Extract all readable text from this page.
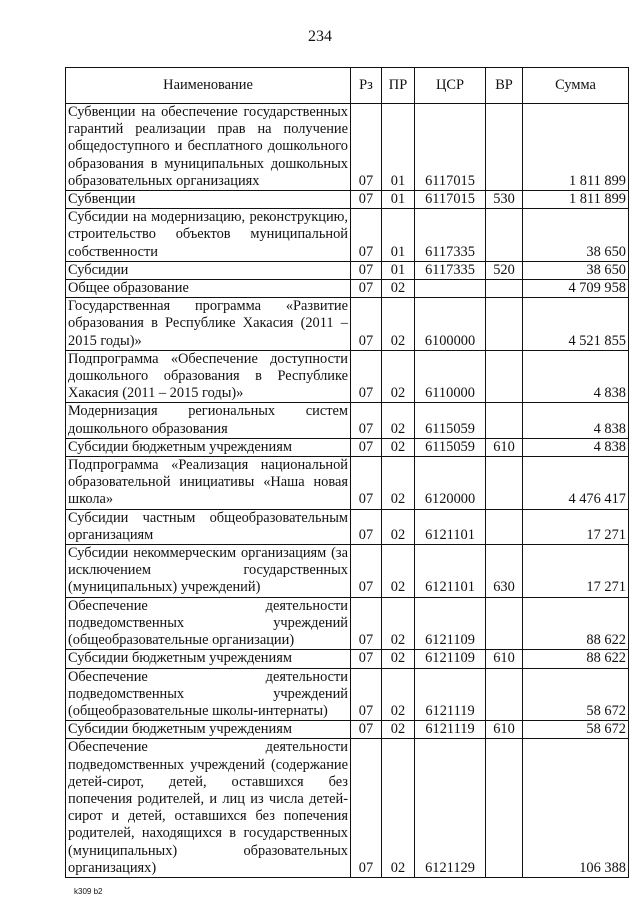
234
Наименование	Рз	ПР	ЦСР	ВР	Сумма
Субвенции на обеспечение государственных гарантий реализации прав на получение общедоступного и бесплатного дошкольного образования в муниципальных дошкольных образовательных организациях	07	01	6117015		1 811 899
Субвенции	07	01	6117015	530	1 811 899
Субсидии на модернизацию, реконструкцию, строительство объектов муниципальной собственности	07	01	6117335		38 650
Субсидии	07	01	6117335	520	38 650
Общее образование	07	02			4 709 958
Государственная программа «Развитие образования в Республике Хакасия (2011 – 2015 годы)»	07	02	6100000		4 521 855
Подпрограмма «Обеспечение доступности дошкольного образования в Республике Хакасия (2011 – 2015 годы)»	07	02	6110000		4 838
Модернизация региональных систем дошкольного образования	07	02	6115059		4 838
Субсидии бюджетным учреждениям	07	02	6115059	610	4 838
Подпрограмма «Реализация национальной образовательной инициативы «Наша новая школа»	07	02	6120000		4 476 417
Субсидии частным общеобразовательным организациям	07	02	6121101		17 271
Субсидии некоммерческим организациям (за исключением государственных (муниципальных) учреждений)	07	02	6121101	630	17 271
Обеспечение деятельности подведомственных учреждений (общеобразовательные организации)	07	02	6121109		88 622
Субсидии бюджетным учреждениям	07	02	6121109	610	88 622
Обеспечение деятельности подведомственных учреждений (общеобразовательные школы-интернаты)	07	02	6121119		58 672
Субсидии бюджетным учреждениям	07	02	6121119	610	58 672
Обеспечение деятельности подведомственных учреждений (содержание детей-сирот, детей, оставшихся без попечения родителей, и лиц из числа детей-сирот и детей, оставшихся без попечения родителей, находящихся в государственных (муниципальных) образовательных организациях)	07	02	6121129		106 388
k309 b2
